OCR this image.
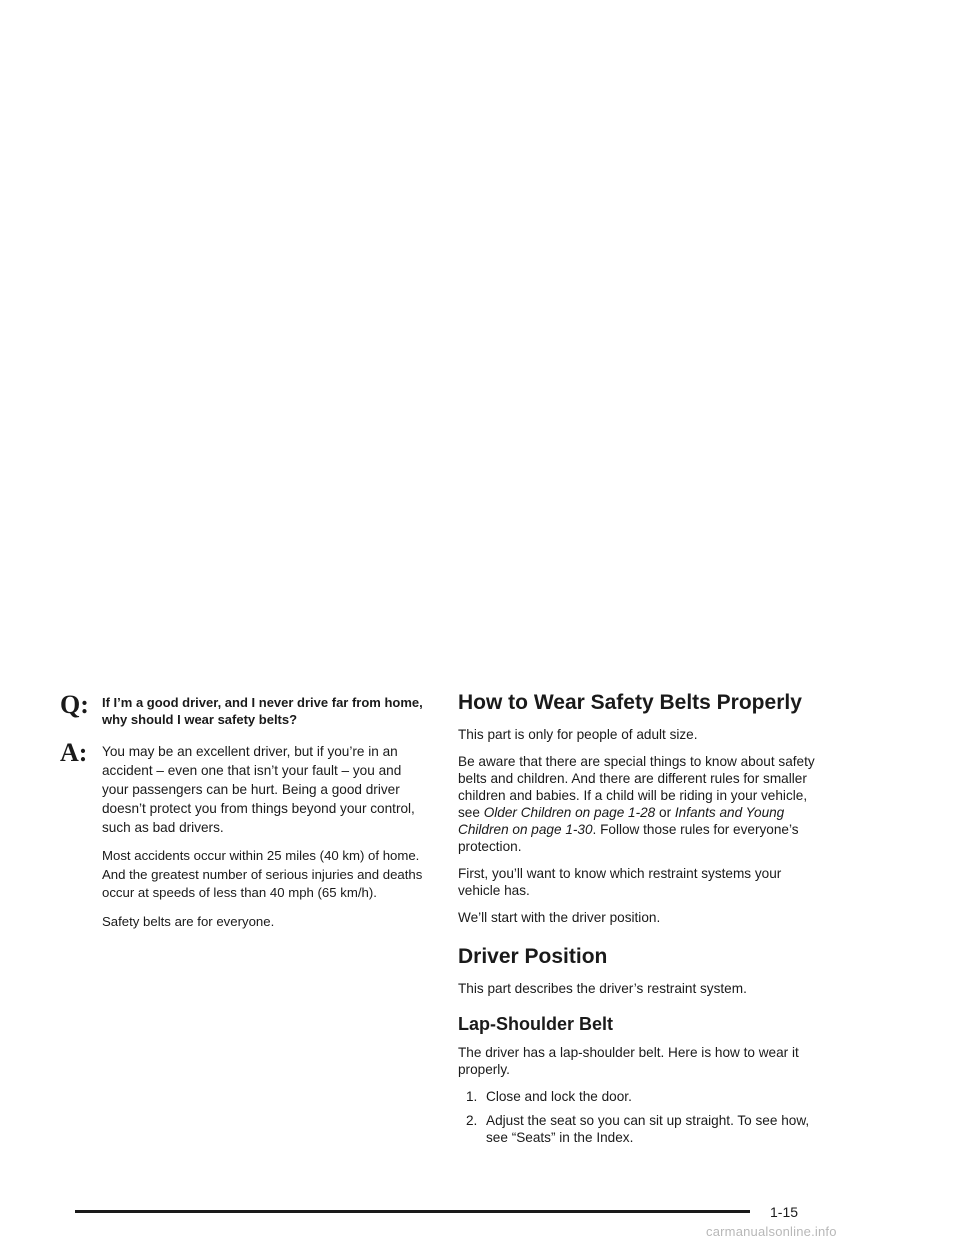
Q:	If I’m a good driver, and I never drive far from home, why should I wear safety belts?
A:	You may be an excellent driver, but if you’re in an accident – even one that isn’t your fault – you and your passengers can be hurt. Being a good driver doesn’t protect you from things beyond your control, such as bad drivers.

Most accidents occur within 25 miles (40 km) of home. And the greatest number of serious injuries and deaths occur at speeds of less than 40 mph (65 km/h).

Safety belts are for everyone.

How to Wear Safety Belts Properly

This part is only for people of adult size.

Be aware that there are special things to know about safety belts and children. And there are different rules for smaller children and babies. If a child will be riding in your vehicle, see Older Children on page 1-28 or Infants and Young Children on page 1-30. Follow those rules for everyone’s protection.

First, you’ll want to know which restraint systems your vehicle has.

We’ll start with the driver position.

Driver Position

This part describes the driver’s restraint system.

Lap-Shoulder Belt

The driver has a lap-shoulder belt. Here is how to wear it properly.

1. Close and lock the door.
2. Adjust the seat so you can sit up straight. To see how, see “Seats” in the Index.
1-15
carmanualsonline.info
